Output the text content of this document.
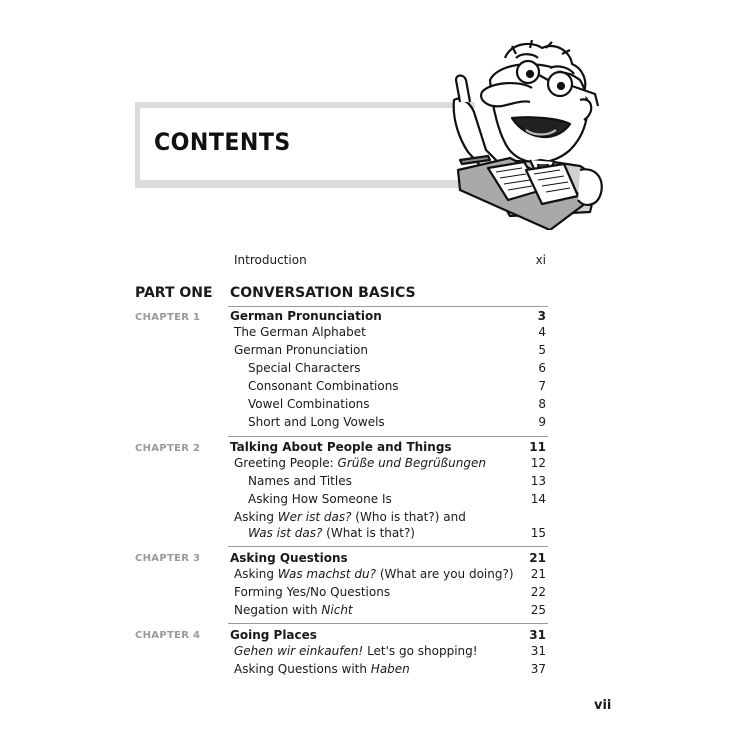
CONTENTS
Introduction	xi
PART ONE CONVERSATION BASICS
CHAPTER 1 German Pronunciation	3
The German Alphabet	4
German Pronunciation	5
Special Characters	6
Consonant Combinations	7
Vowel Combinations	8
Short and Long Vowels	9
CHAPTER 2 Talking About People and Things	11
Greeting People: Grüße und Begrüßungen	12
Names and Titles	13
Asking How Someone Is	14
Asking Wer ist das? (Who is that?) and
Was ist das? (What is that?)	15
CHAPTER 3 Asking Questions	21
Asking Was machst du? (What are you doing?)	21
Forming Yes/No Questions	22
Negation with Nicht	25
CHAPTER 4 Going Places	31
Gehen wir einkaufen! Let's go shopping!	31
Asking Questions with Haben	37
vii
